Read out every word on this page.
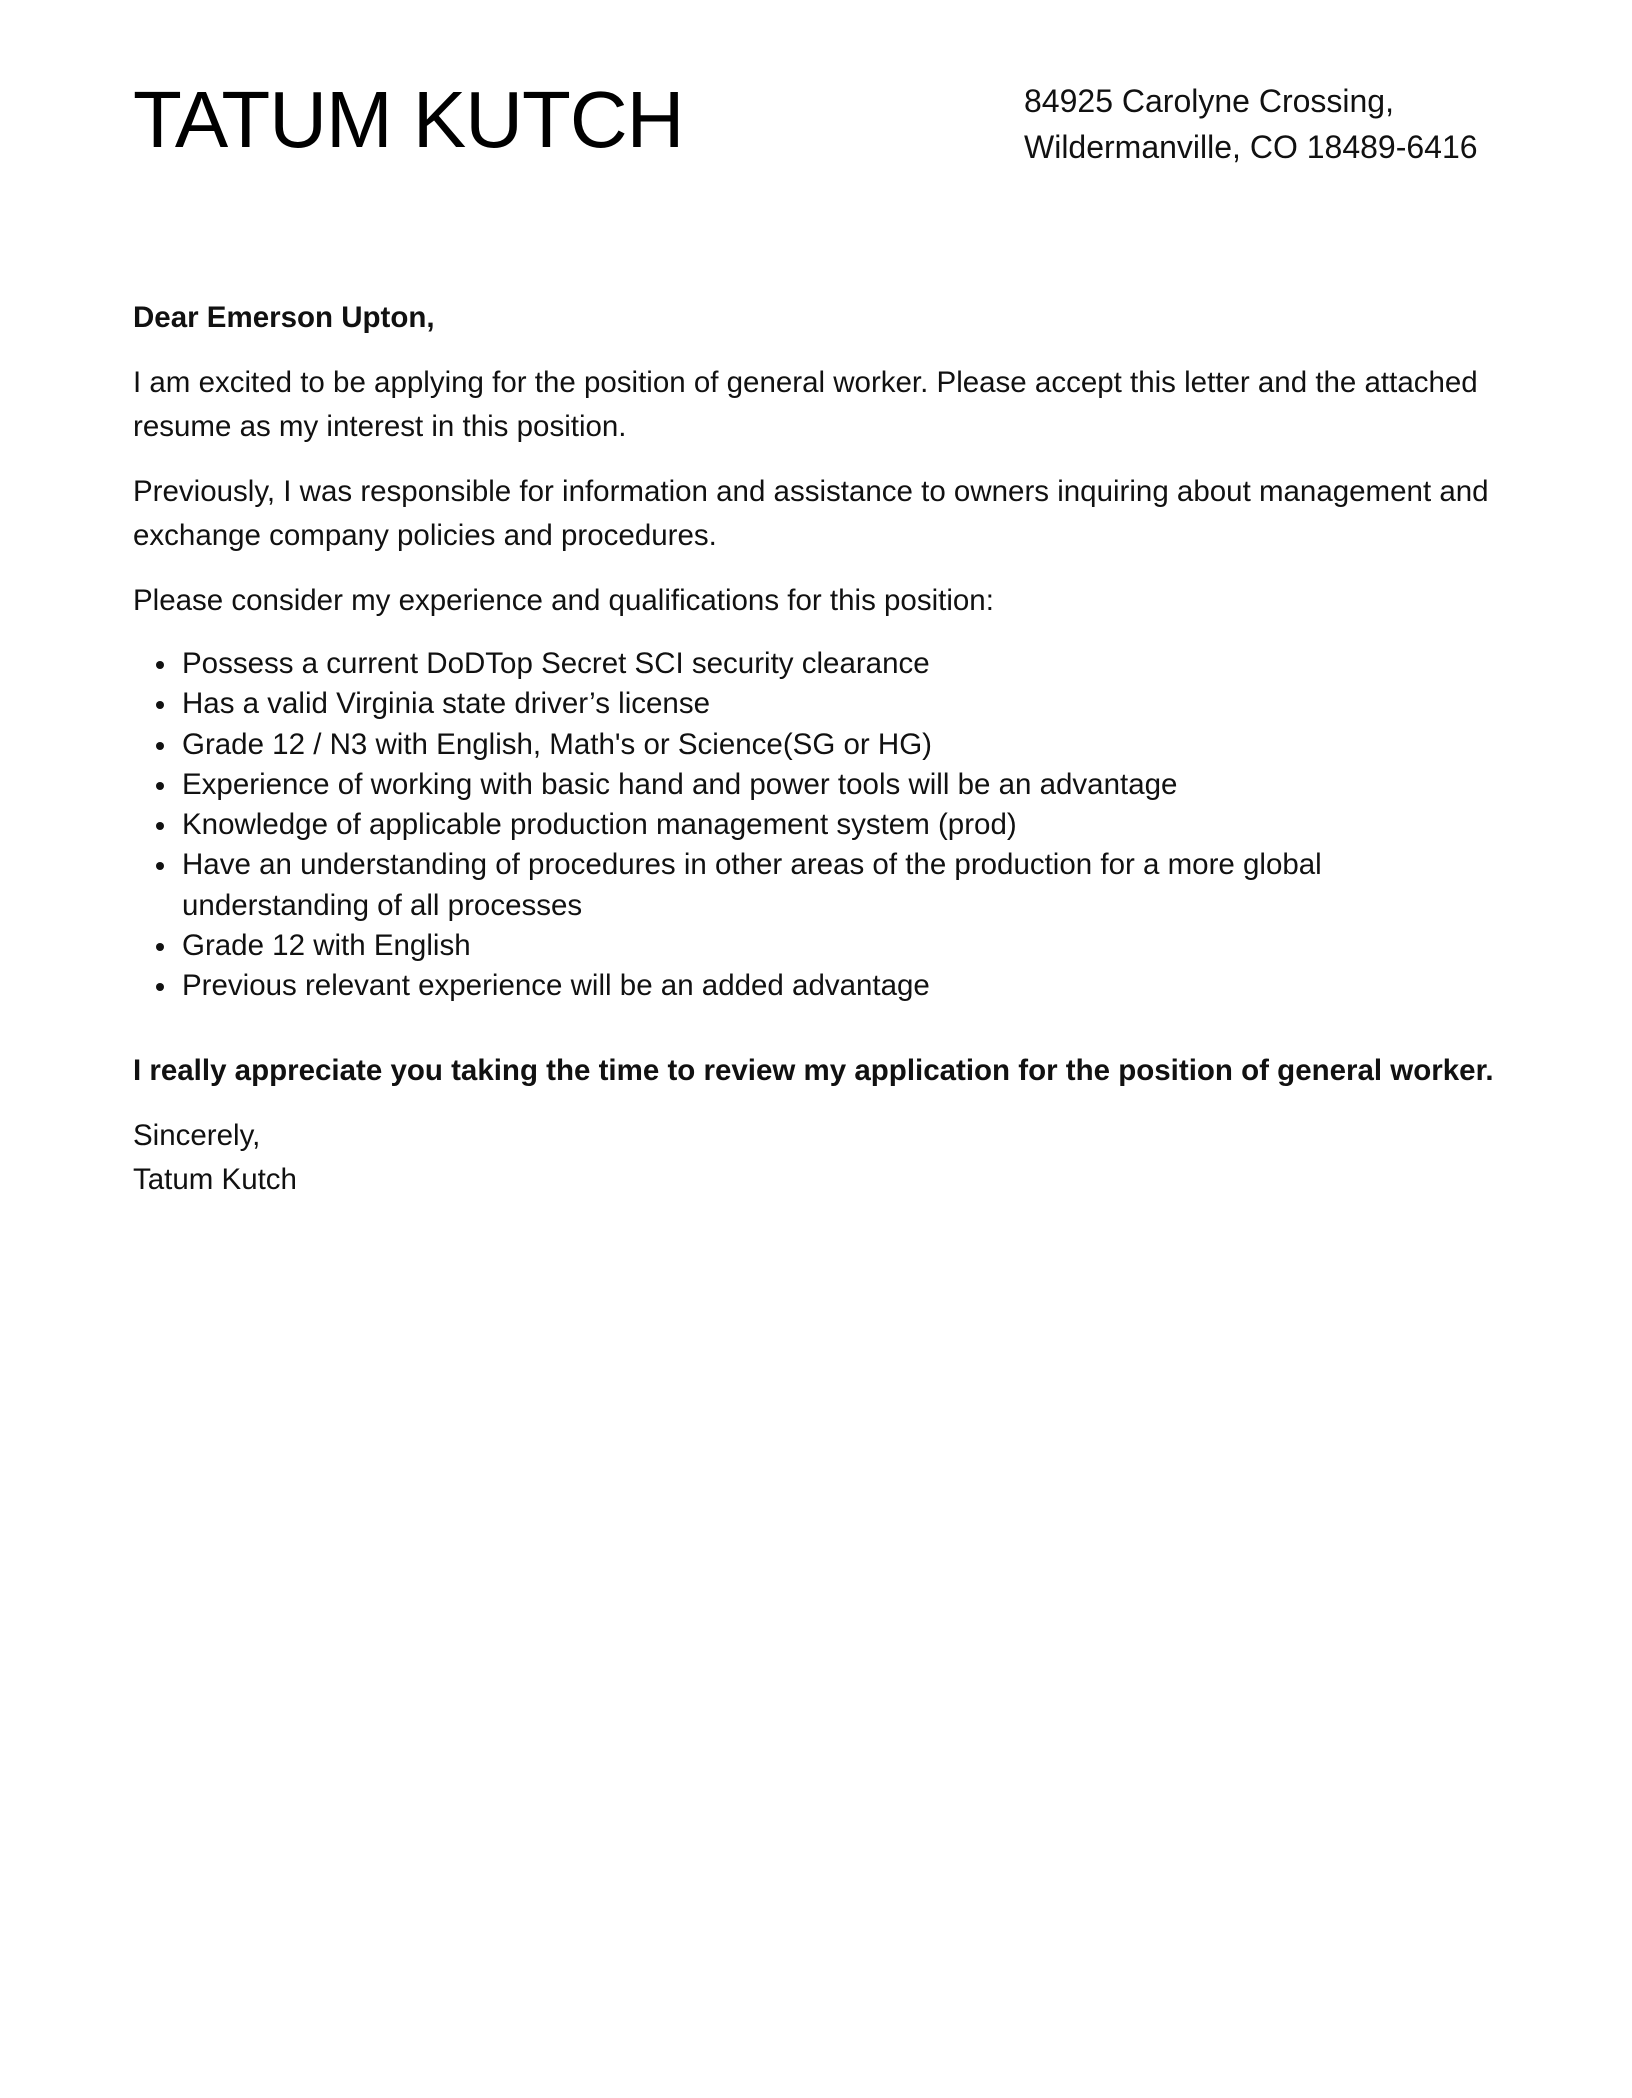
TATUM KUTCH	84925 Carolyne Crossing,
Wildermanville, CO 18489-6416

Dear Emerson Upton,

I am excited to be applying for the position of general worker. Please accept this letter and the attached resume as my interest in this position.

Previously, I was responsible for information and assistance to owners inquiring about management and exchange company policies and procedures.

Please consider my experience and qualifications for this position:

Possess a current DoDTop Secret SCI security clearance
Has a valid Virginia state driver’s license
Grade 12 / N3 with English, Math's or Science(SG or HG)
Experience of working with basic hand and power tools will be an advantage
Knowledge of applicable production management system (prod)
Have an understanding of procedures in other areas of the production for a more global understanding of all processes
Grade 12 with English
Previous relevant experience will be an added advantage

I really appreciate you taking the time to review my application for the position of general worker.

Sincerely,

Tatum Kutch
